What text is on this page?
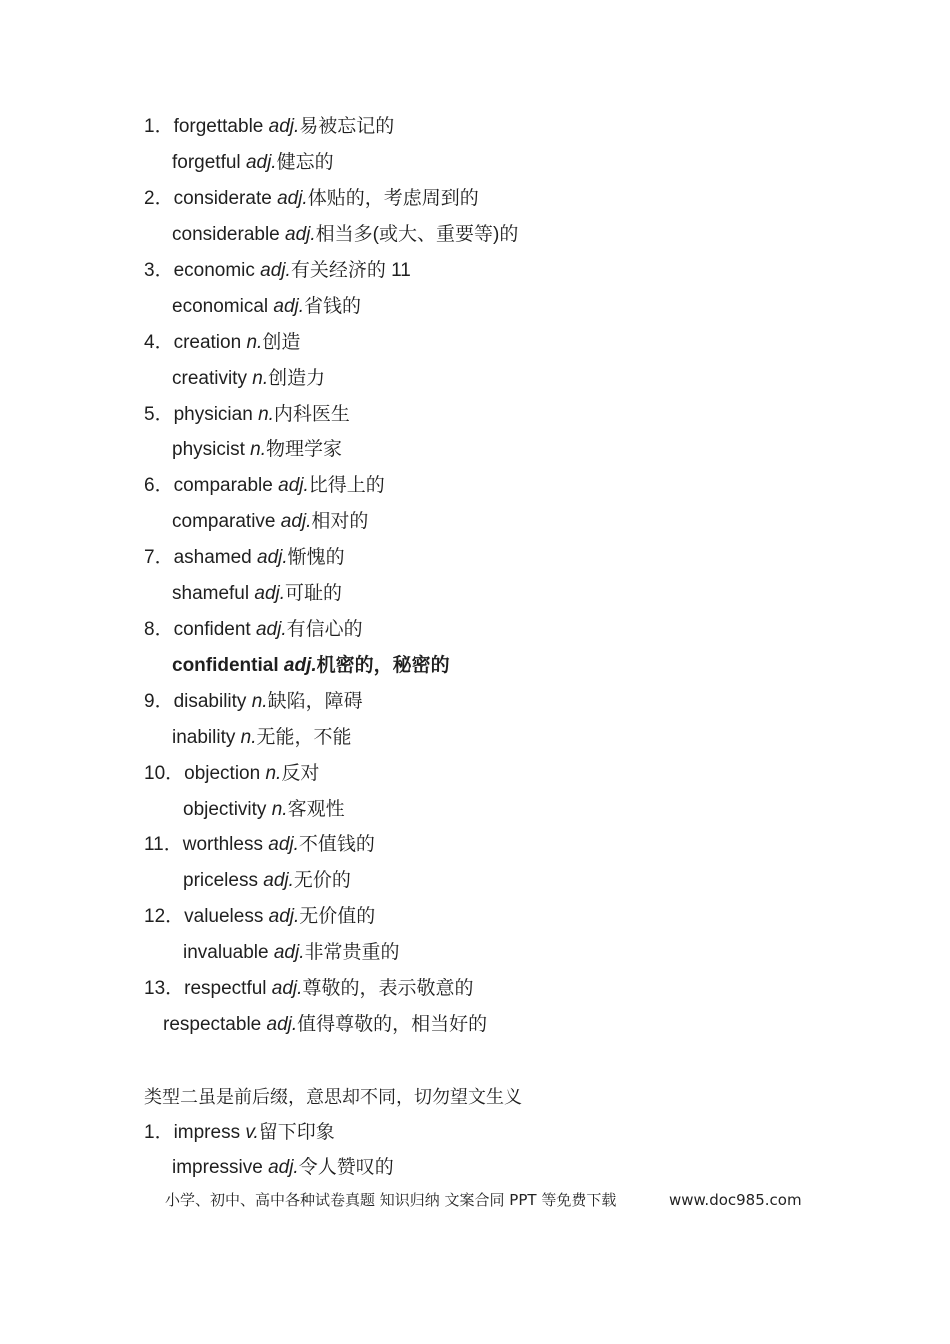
1．forgettable adj.易被忘记的
forgetful adj.健忘的
2．considerate adj.体贴的，考虑周到的
considerable adj.相当多(或大、重要等)的
3．economic adj.有关经济的 11
economical adj.省钱的
4．creation n.创造
creativity n.创造力
5．physician n.内科医生
physicist n.物理学家
6．comparable adj.比得上的
comparative adj.相对的
7．ashamed adj.惭愧的
shameful adj.可耻的
8．confident adj.有信心的
confidential adj.机密的，秘密的
9．disability n.缺陷，障碍
inability n.无能，不能
10．objection n.反对
objectivity n.客观性
11．worthless adj.不值钱的
priceless adj.无价的
12．valueless adj.无价值的
invaluable adj.非常贵重的
13．respectful adj.尊敬的，表示敬意的
respectable adj.值得尊敬的，相当好的
类型二虽是前后缀，意思却不同，切勿望文生义
1．impress v.留下印象
impressive adj.令人赞叹的
小学、初中、高中各种试卷真题 知识归纳 文案合同 PPT 等免费下载	www.doc985.com
